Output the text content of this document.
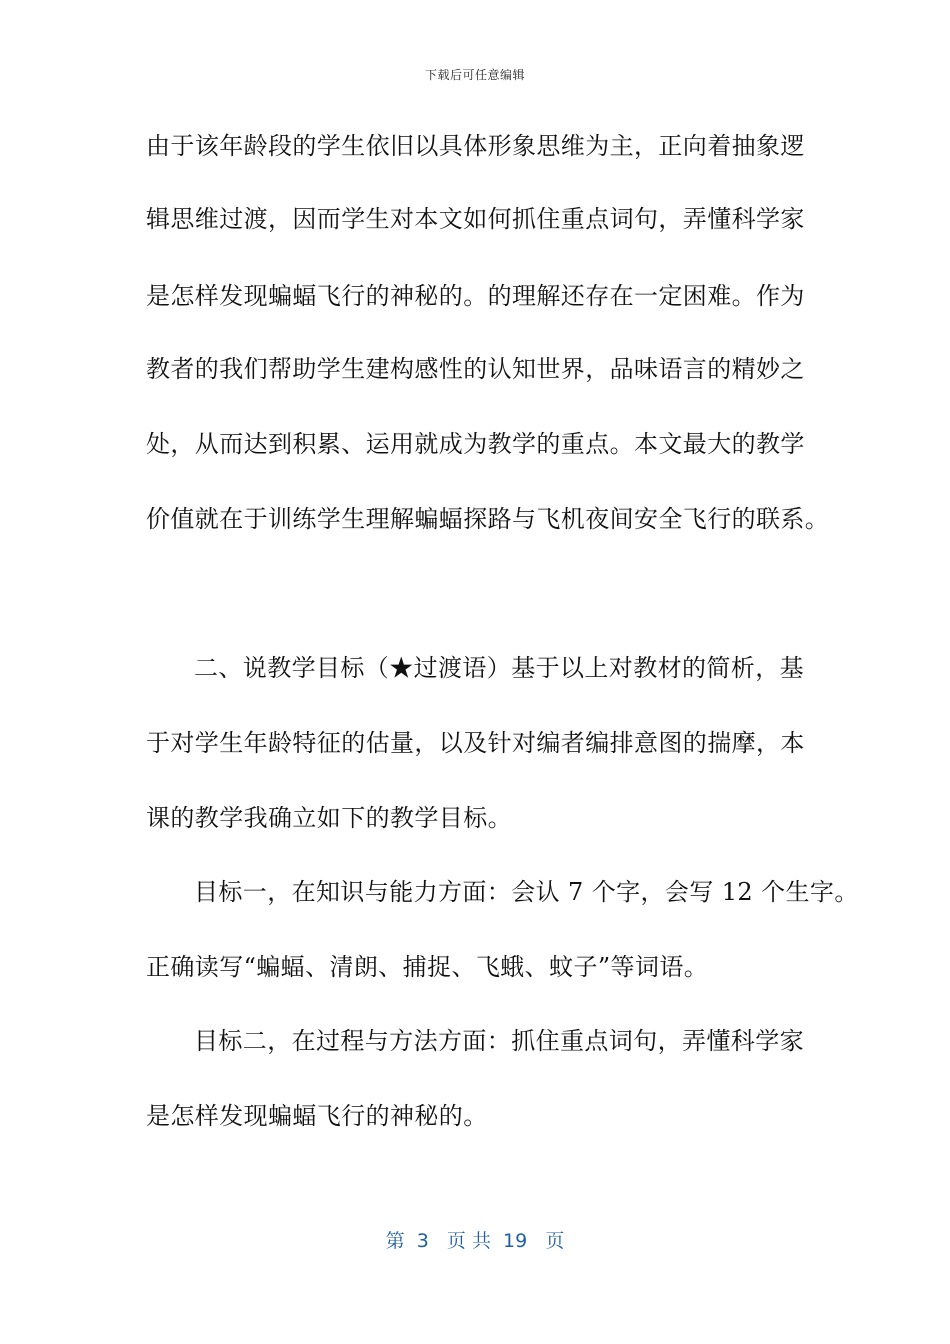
下载后可任意编辑
由于该年龄段的学生依旧以具体形象思维为主，正向着抽象逻
辑思维过渡，因而学生对本文如何抓住重点词句，弄懂科学家
是怎样发现蝙蝠飞行的神秘的。的理解还存在一定困难。作为
教者的我们帮助学生建构感性的认知世界，品味语言的精妙之
处，从而达到积累、运用就成为教学的重点。本文最大的教学
价值就在于训练学生理解蝙蝠探路与飞机夜间安全飞行的联系。
二、说教学目标（★过渡语）基于以上对教材的简析，基
于对学生年龄特征的估量，以及针对编者编排意图的揣摩，本
课的教学我确立如下的教学目标。
目标一，在知识与能力方面：会认 7 个字，会写 12 个生字。
正确读写“蝙蝠、清朗、捕捉、飞蛾、蚊子”等词语。
目标二，在过程与方法方面：抓住重点词句，弄懂科学家
是怎样发现蝙蝠飞行的神秘的。
第  3   页 共  19   页
